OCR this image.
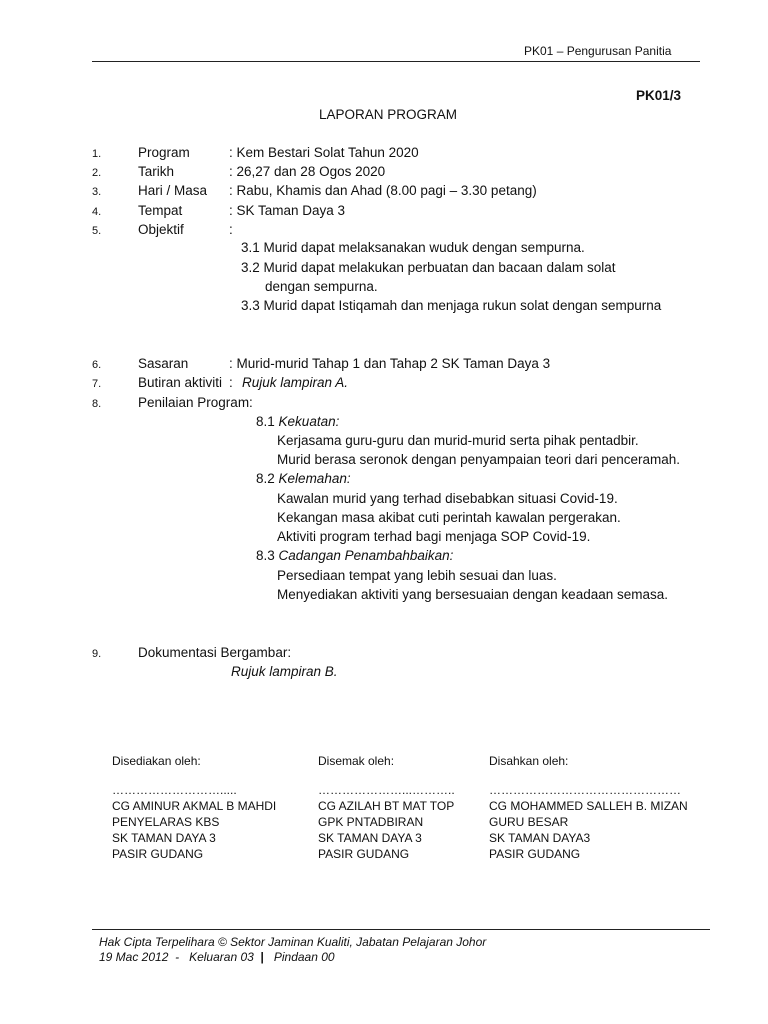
PK01 – Pengurusan Panitia
PK01/3
LAPORAN PROGRAM
1.	Program	: Kem Bestari Solat Tahun 2020
2.	Tarikh	: 26,27 dan 28 Ogos 2020
3.	Hari / Masa : Rabu, Khamis dan Ahad (8.00 pagi – 3.30 petang)
4.	Tempat	: SK Taman Daya 3
5.	Objektif	:
3.1 Murid dapat melaksanakan wuduk dengan sempurna.
3.2 Murid dapat melakukan perbuatan dan bacaan dalam solat
dengan sempurna.
3.3 Murid dapat Istiqamah dan menjaga rukun solat dengan sempurna
6.	Sasaran	: Murid-murid Tahap 1 dan Tahap 2 SK Taman Daya 3
7.	Butiran aktiviti : Rujuk lampiran A.
8.	Penilaian Program:
8.1 Kekuatan:
Kerjasama guru-guru dan murid-murid serta pihak pentadbir.
Murid berasa seronok dengan penyampaian teori dari penceramah.
8.2 Kelemahan:
Kawalan murid yang terhad disebabkan situasi Covid-19.
Kekangan masa akibat cuti perintah kawalan pergerakan.
Aktiviti program terhad bagi menjaga SOP Covid-19.
8.3 Cadangan Penambahbaikan:
Persediaan tempat yang lebih sesuai dan luas.
Menyediakan aktiviti yang bersesuaian dengan keadaan semasa.
9.	Dokumentasi Bergambar:
Rujuk lampiran B.
Disediakan oleh:
……………………….....
CG AMINUR AKMAL B MAHDI
PENYELARAS KBS
SK TAMAN DAYA 3
PASIR GUDANG
Disemak oleh:
…………………...………..
CG AZILAH BT MAT TOP
GPK PNTADBIRAN
SK TAMAN DAYA 3
PASIR GUDANG
Disahkan oleh:
…………………………………………
CG MOHAMMED SALLEH B. MIZAN
GURU BESAR
SK TAMAN DAYA3
PASIR GUDANG
Hak Cipta Terpelihara © Sektor Jaminan Kualiti, Jabatan Pelajaran Johor
19 Mac 2012 - Keluaran 03 | Pindaan 00
